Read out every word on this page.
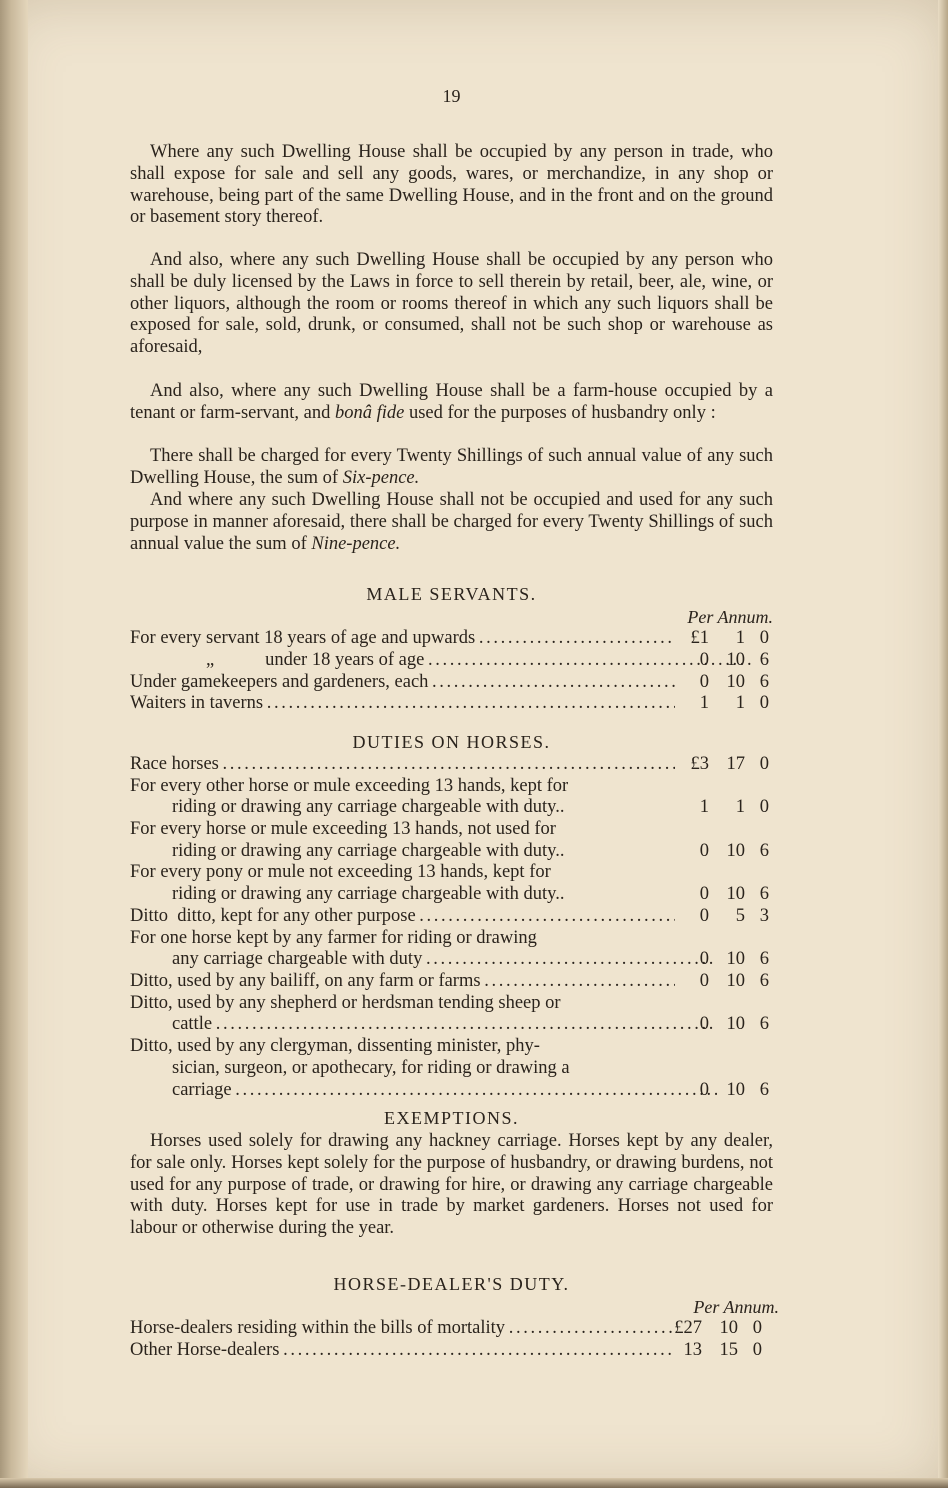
19

Where any such Dwelling House shall be occupied by any person in trade, who shall expose for sale and sell any goods, wares, or merchandize, in any shop or warehouse, being part of the same Dwelling House, and in the front and on the ground or basement story thereof.

And also, where any such Dwelling House shall be occupied by any person who shall be duly licensed by the Laws in force to sell therein by retail, beer, ale, wine, or other liquors, although the room or rooms thereof in which any such liquors shall be exposed for sale, sold, drunk, or consumed, shall not be such shop or warehouse as aforesaid,

And also, where any such Dwelling House shall be a farm-house occupied by a tenant or farm-servant, and bonâ fide used for the purposes of husbandry only :

There shall be charged for every Twenty Shillings of such annual value of any such Dwelling House, the sum of Six-pence.

And where any such Dwelling House shall not be occupied and used for any such purpose in manner aforesaid, there shall be charged for every Twenty Shillings of such annual value the sum of Nine-pence.

MALE SERVANTS.
Per Annum.
For every servant 18 years of age and upwards . . .	£1 1 0
„           under 18 years of age . . .	0 10 6
Under gamekeepers and gardeners, each . . .	0 10 6
Waiters in taverns . . .	1 1 0
DUTIES ON HORSES.
Race horses . . .	£3 17 0
For every other horse or mule exceeding 13 hands, kept for
riding or drawing any carriage chargeable with duty..	1 1 0
For every horse or mule exceeding 13 hands, not used for
riding or drawing any carriage chargeable with duty..	0 10 6
For every pony or mule not exceeding 13 hands, kept for
riding or drawing any carriage chargeable with duty..	0 10 6
Ditto  ditto, kept for any other purpose . . .	0 5 3
For one horse kept by any farmer for riding or drawing
any carriage chargeable with duty . . .	0 10 6
Ditto, used by any bailiff, on any farm or farms . . .	0 10 6
Ditto, used by any shepherd or herdsman tending sheep or
cattle . . .	0 10 6
Ditto, used by any clergyman, dissenting minister, phy-
sician, surgeon, or apothecary, for riding or drawing a
carriage . . .	0 10 6
EXEMPTIONS.

Horses used solely for drawing any hackney carriage. Horses kept by any dealer, for sale only. Horses kept solely for the purpose of husbandry, or drawing burdens, not used for any purpose of trade, or drawing for hire, or drawing any carriage chargeable with duty. Horses kept for use in trade by market gardeners. Horses not used for labour or otherwise during the year.

HORSE-DEALER'S DUTY.
Per Annum.
Horse-dealers residing within the bills of mortality . . .	£27 10 0
Other Horse-dealers . . .	13 15 0
